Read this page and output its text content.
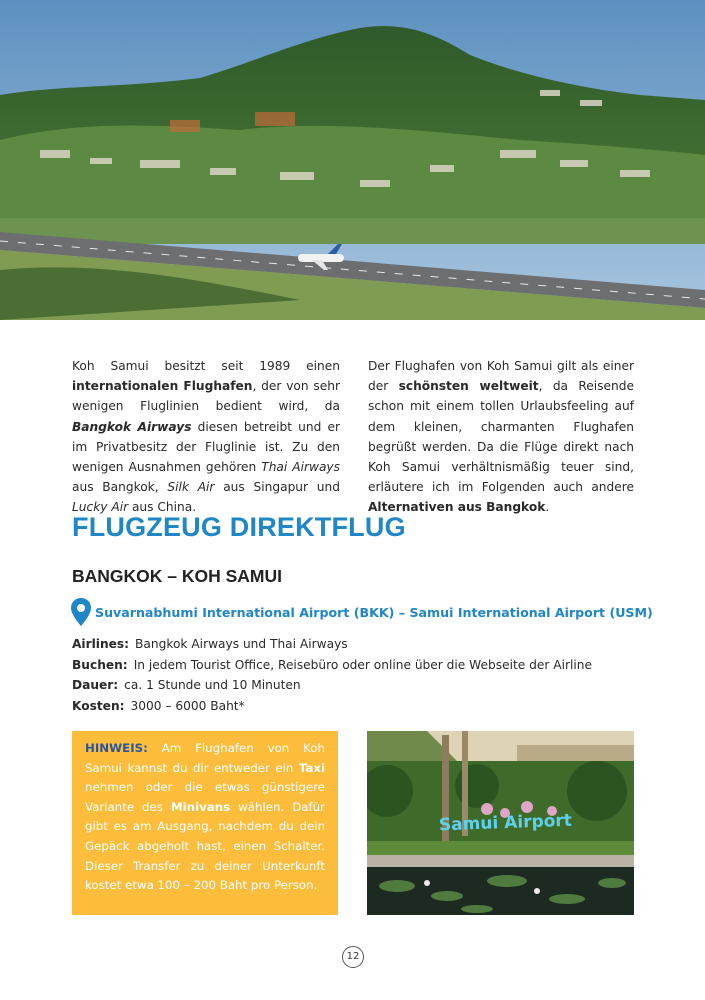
Koh Samui besitzt seit 1989 einen internationalen Flughafen, der von sehr wenigen Fluglinien bedient wird, da Bangkok Airways diesen betreibt und er im Privatbesitz der Fluglinie ist. Zu den wenigen Ausnahmen gehören Thai Airways aus Bangkok, Silk Air aus Singapur und Lucky Air aus China.

Der Flughafen von Koh Samui gilt als einer der schönsten weltweit, da Reisende schon mit einem tollen Urlaubsfeeling auf dem kleinen, charmanten Flughafen begrüßt werden. Da die Flüge direkt nach Koh Samui verhältnismäßig teuer sind, erläutere ich im Folgenden auch andere Alternativen aus Bangkok.

FLUGZEUG DIREKTFLUG
BANGKOK – KOH SAMUI
Suvarnabhumi International Airport (BKK) – Samui International Airport (USM)
Airlines: Bangkok Airways und Thai Airways
Buchen: In jedem Tourist Office, Reisebüro oder online über die Webseite der Airline
Dauer: ca. 1 Stunde und 10 Minuten
Kosten: 3000 – 6000 Baht*

HINWEIS: Am Flughafen von Koh Samui kannst du dir entweder ein Taxi nehmen oder die etwas günstigere Variante des Minivans wählen. Dafür gibt es am Ausgang, nachdem du dein Gepäck abgeholt hast, einen Schalter. Dieser Transfer zu deiner Unterkunft kostet etwa 100 – 200 Baht pro Person.

Samui Airport
12
